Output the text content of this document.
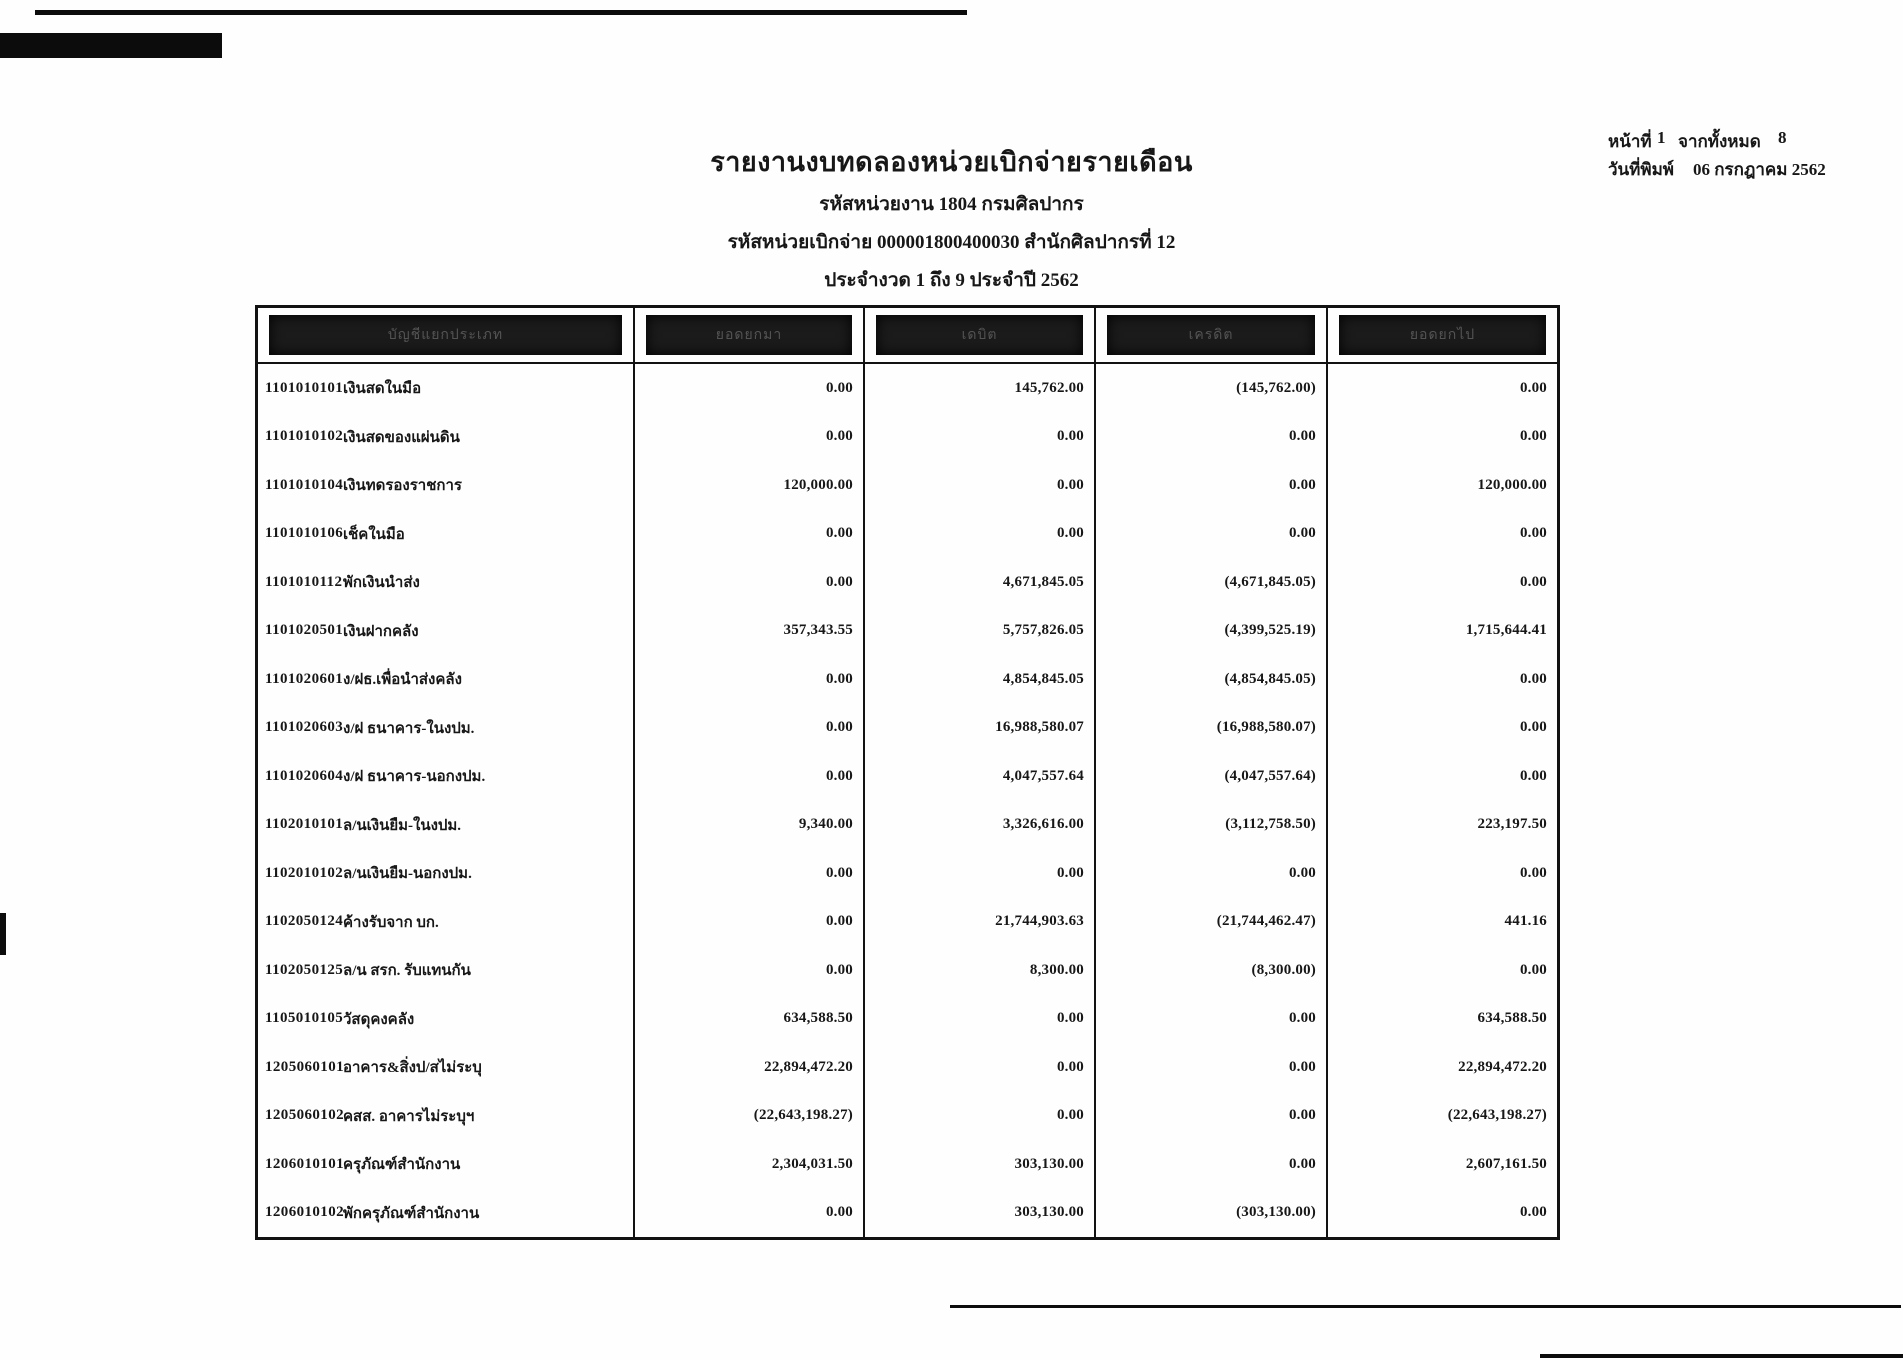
รายงานงบทดลองหน่วยเบิกจ่ายรายเดือน
รหัสหน่วยงาน 1804 กรมศิลปากร
รหัสหน่วยเบิกจ่าย 000001800400030 สำนักศิลปากรที่ 12
ประจำงวด 1 ถึง 9 ประจำปี 2562
หน้าที่ 1 จากทั้งหมด 8
วันที่พิมพ์ 06 กรกฎาคม 2562
บัญชีแยกประเภท	ยอดยกมา	เดบิต	เครดิต	ยอดยกไป
1101010101 เงินสดในมือ	0.00	145,762.00	(145,762.00)	0.00
1101010102 เงินสดของแผ่นดิน	0.00	0.00	0.00	0.00
1101010104 เงินทดรองราชการ	120,000.00	0.00	0.00	120,000.00
1101010106 เช็คในมือ	0.00	0.00	0.00	0.00
1101010112 พักเงินนำส่ง	0.00	4,671,845.05	(4,671,845.05)	0.00
1101020501 เงินฝากคลัง	357,343.55	5,757,826.05	(4,399,525.19)	1,715,644.41
1101020601 ง/ฝธ.เพื่อนำส่งคลัง	0.00	4,854,845.05	(4,854,845.05)	0.00
1101020603 ง/ฝ ธนาคาร-ในงปม.	0.00	16,988,580.07	(16,988,580.07)	0.00
1101020604 ง/ฝ ธนาคาร-นอกงปม.	0.00	4,047,557.64	(4,047,557.64)	0.00
1102010101 ล/นเงินยืม-ในงปม.	9,340.00	3,326,616.00	(3,112,758.50)	223,197.50
1102010102 ล/นเงินยืม-นอกงปม.	0.00	0.00	0.00	0.00
1102050124 ค้างรับจาก บก.	0.00	21,744,903.63	(21,744,462.47)	441.16
1102050125 ล/น สรก. รับแทนกัน	0.00	8,300.00	(8,300.00)	0.00
1105010105 วัสดุคงคลัง	634,588.50	0.00	0.00	634,588.50
1205060101 อาคาร&สิ่งป/สไม่ระบุ	22,894,472.20	0.00	0.00	22,894,472.20
1205060102 คสส. อาคารไม่ระบุฯ	(22,643,198.27)	0.00	0.00	(22,643,198.27)
1206010101 ครุภัณฑ์สำนักงาน	2,304,031.50	303,130.00	0.00	2,607,161.50
1206010102 พักครุภัณฑ์สำนักงาน	0.00	303,130.00	(303,130.00)	0.00
